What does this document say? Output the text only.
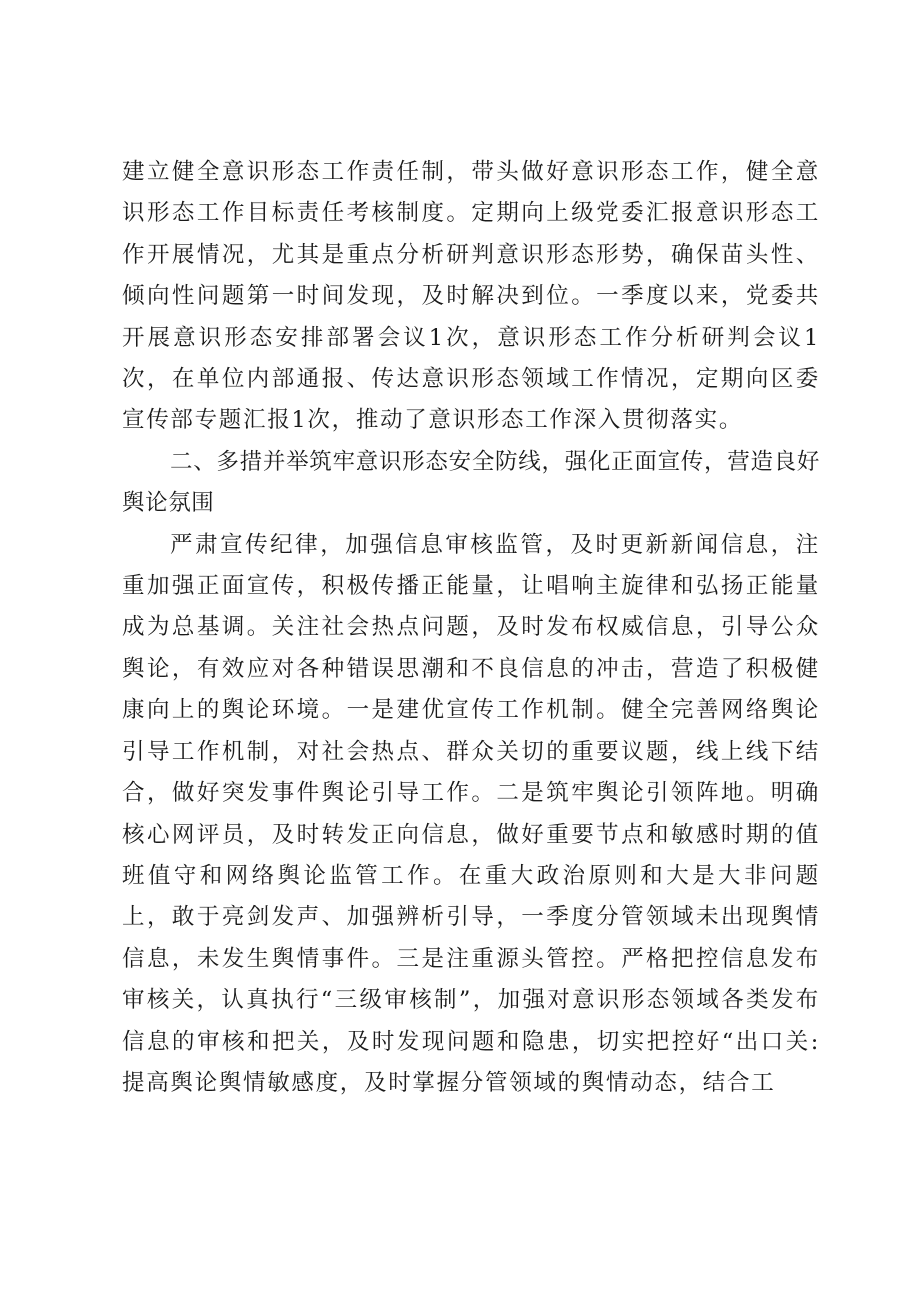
建立健全意识形态工作责任制，带头做好意识形态工作，健全意识形态工作目标责任考核制度。定期向上级党委汇报意识形态工作开展情况，尤其是重点分析研判意识形态形势，确保苗头性、倾向性问题第一时间发现，及时解决到位。一季度以来，党委共开展意识形态安排部署会议1次，意识形态工作分析研判会议1次，在单位内部通报、传达意识形态领域工作情况，定期向区委宣传部专题汇报1次，推动了意识形态工作深入贯彻落实。

二、多措并举筑牢意识形态安全防线，强化正面宣传，营造良好舆论氛围

严肃宣传纪律，加强信息审核监管，及时更新新闻信息，注重加强正面宣传，积极传播正能量，让唱响主旋律和弘扬正能量成为总基调。关注社会热点问题，及时发布权威信息，引导公众舆论，有效应对各种错误思潮和不良信息的冲击，营造了积极健康向上的舆论环境。一是建优宣传工作机制。健全完善网络舆论引导工作机制，对社会热点、群众关切的重要议题，线上线下结合，做好突发事件舆论引导工作。二是筑牢舆论引领阵地。明确核心网评员，及时转发正向信息，做好重要节点和敏感时期的值班值守和网络舆论监管工作。在重大政治原则和大是大非问题上，敢于亮剑发声、加强辨析引导，一季度分管领域未出现舆情信息，未发生舆情事件。三是注重源头管控。严格把控信息发布审核关，认真执行“三级审核制”，加强对意识形态领域各类发布信息的审核和把关，及时发现问题和隐患，切实把控好“出口关:提高舆论舆情敏感度，及时掌握分管领域的舆情动态，结合工
